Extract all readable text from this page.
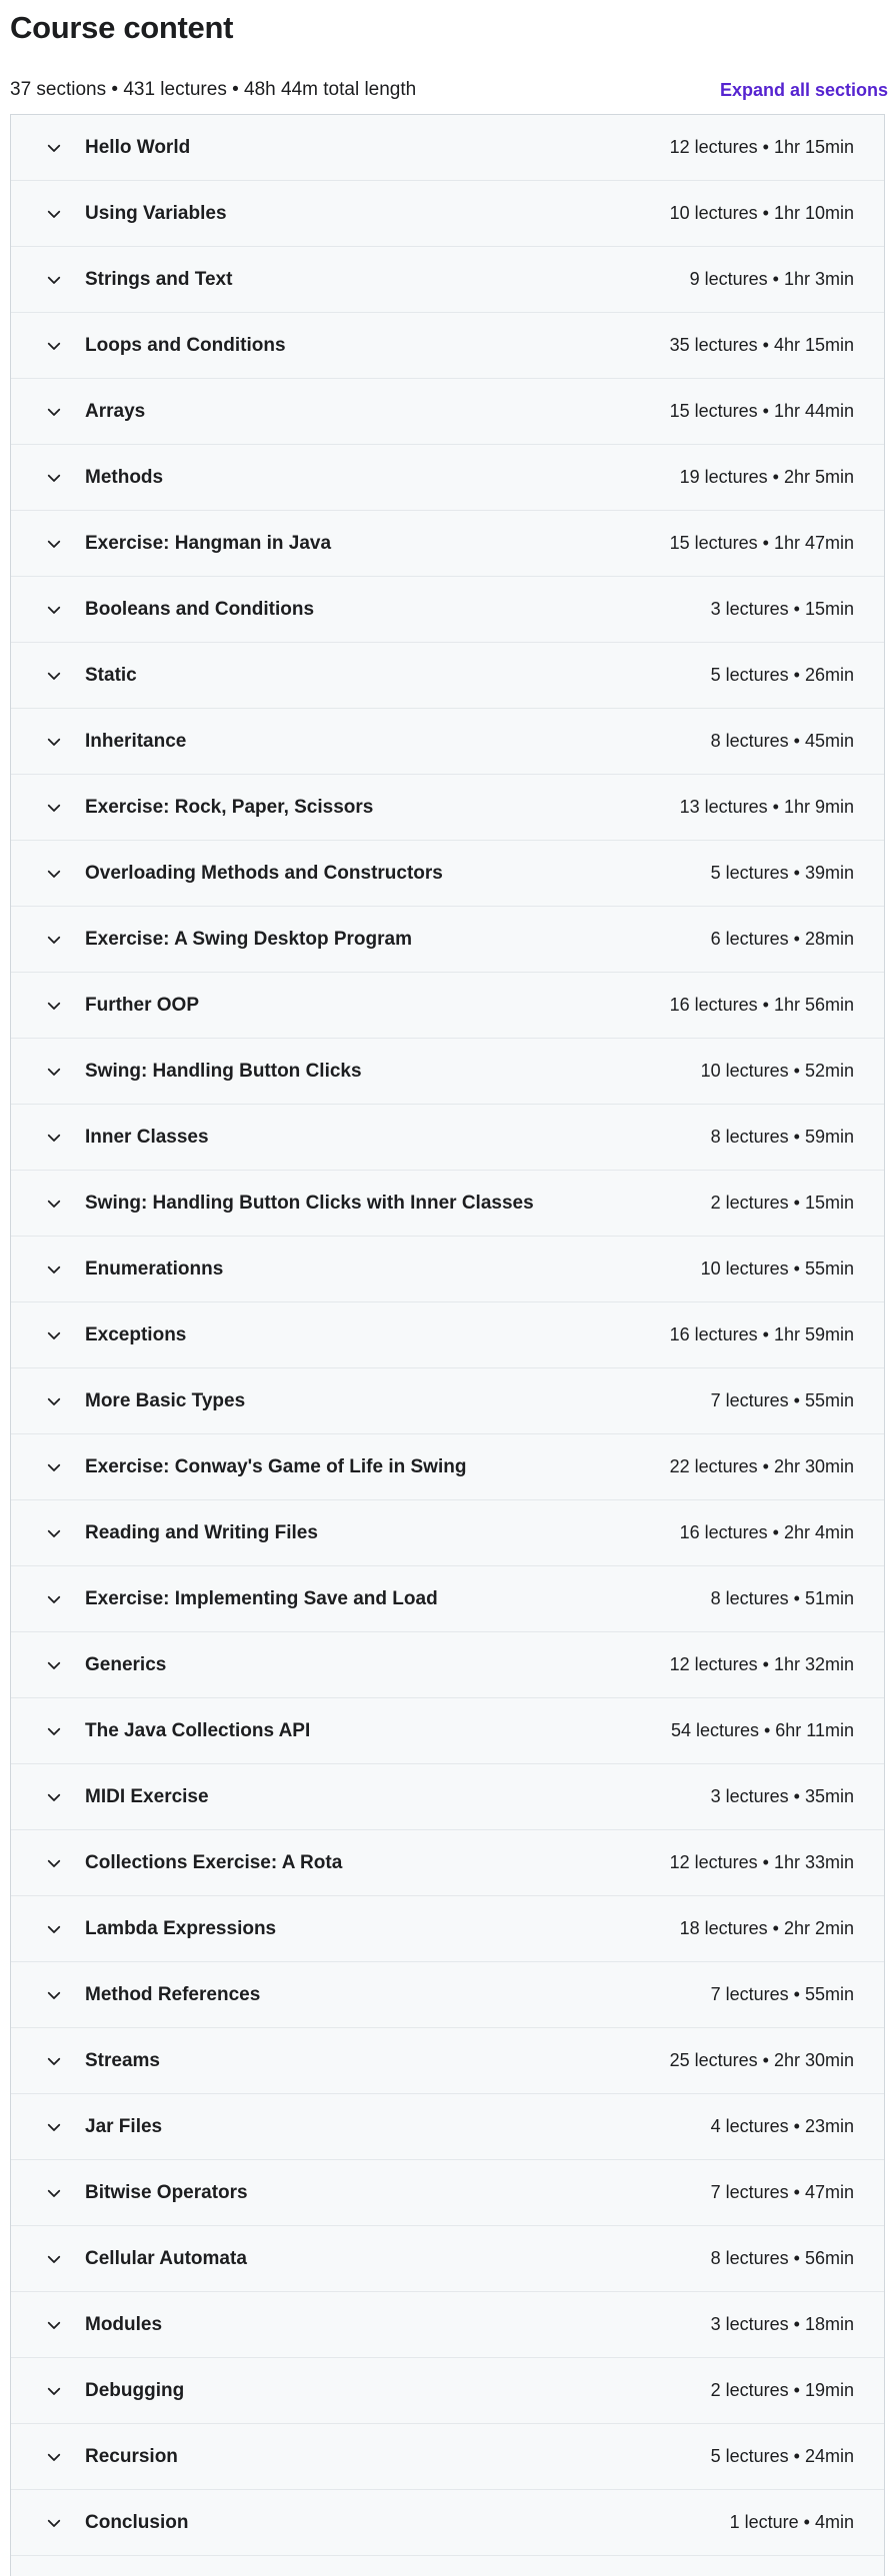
Course content
37 sections • 431 lectures • 48h 44m total length	Expand all sections
Hello World	12 lectures • 1hr 15min
Using Variables	10 lectures • 1hr 10min
Strings and Text	9 lectures • 1hr 3min
Loops and Conditions	35 lectures • 4hr 15min
Arrays	15 lectures • 1hr 44min
Methods	19 lectures • 2hr 5min
Exercise: Hangman in Java	15 lectures • 1hr 47min
Booleans and Conditions	3 lectures • 15min
Static	5 lectures • 26min
Inheritance	8 lectures • 45min
Exercise: Rock, Paper, Scissors	13 lectures • 1hr 9min
Overloading Methods and Constructors	5 lectures • 39min
Exercise: A Swing Desktop Program	6 lectures • 28min
Further OOP	16 lectures • 1hr 56min
Swing: Handling Button Clicks	10 lectures • 52min
Inner Classes	8 lectures • 59min
Swing: Handling Button Clicks with Inner Classes	2 lectures • 15min
Enumerationns	10 lectures • 55min
Exceptions	16 lectures • 1hr 59min
More Basic Types	7 lectures • 55min
Exercise: Conway's Game of Life in Swing	22 lectures • 2hr 30min
Reading and Writing Files	16 lectures • 2hr 4min
Exercise: Implementing Save and Load	8 lectures • 51min
Generics	12 lectures • 1hr 32min
The Java Collections API	54 lectures • 6hr 11min
MIDI Exercise	3 lectures • 35min
Collections Exercise: A Rota	12 lectures • 1hr 33min
Lambda Expressions	18 lectures • 2hr 2min
Method References	7 lectures • 55min
Streams	25 lectures • 2hr 30min
Jar Files	4 lectures • 23min
Bitwise Operators	7 lectures • 47min
Cellular Automata	8 lectures • 56min
Modules	3 lectures • 18min
Debugging	2 lectures • 19min
Recursion	5 lectures • 24min
Conclusion	1 lecture • 4min
